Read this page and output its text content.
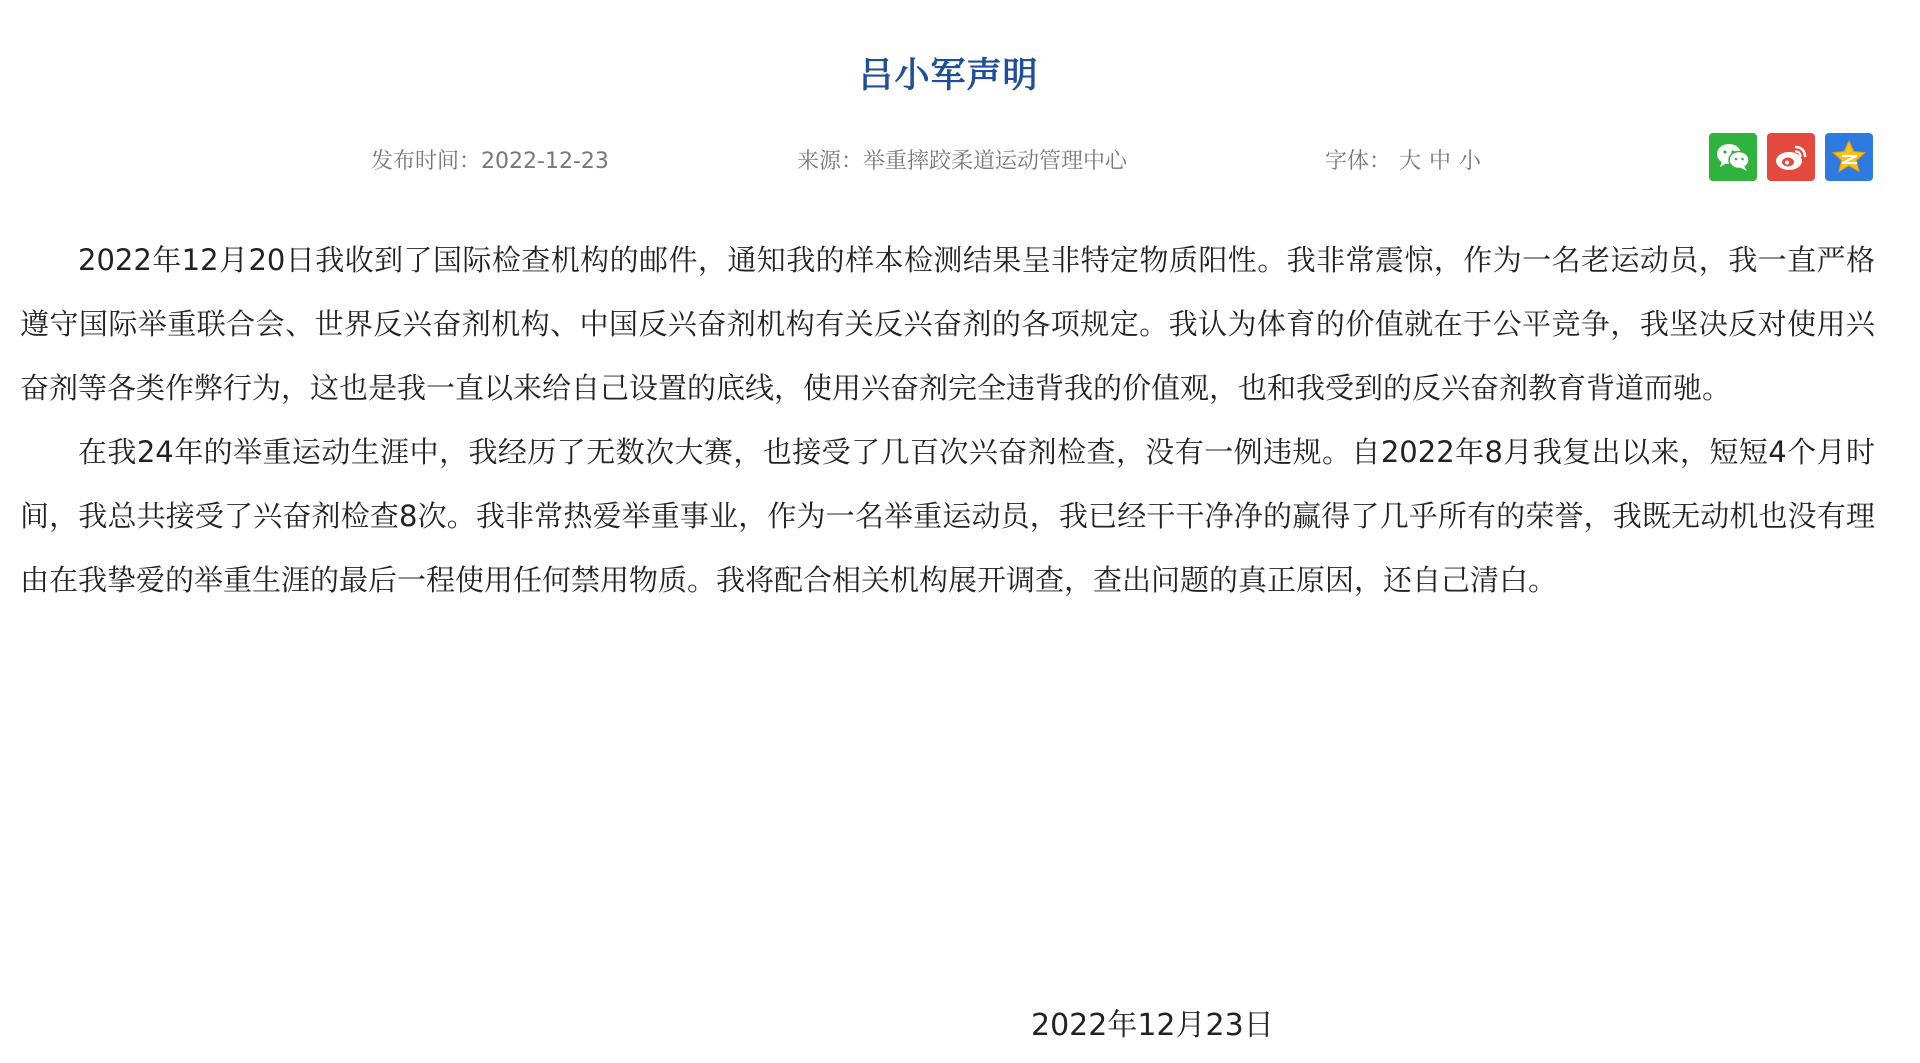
吕小军声明
发布时间：2022-12-23	来源：举重摔跤柔道运动管理中心	字体： 大 中 小

2022年12月20日我收到了国际检查机构的邮件，通知我的样本检测结果呈非特定物质阳性。我非常震惊，作为一名老运动员，我一直严格遵守国际举重联合会、世界反兴奋剂机构、中国反兴奋剂机构有关反兴奋剂的各项规定。我认为体育的价值就在于公平竞争，我坚决反对使用兴奋剂等各类作弊行为，这也是我一直以来给自己设置的底线，使用兴奋剂完全违背我的价值观，也和我受到的反兴奋剂教育背道而驰。

在我24年的举重运动生涯中，我经历了无数次大赛，也接受了几百次兴奋剂检查，没有一例违规。自2022年8月我复出以来，短短4个月时间，我总共接受了兴奋剂检查8次。我非常热爱举重事业，作为一名举重运动员，我已经干干净净的赢得了几乎所有的荣誉，我既无动机也没有理由在我挚爱的举重生涯的最后一程使用任何禁用物质。我将配合相关机构展开调查，查出问题的真正原因，还自己清白。

2022年12月23日
